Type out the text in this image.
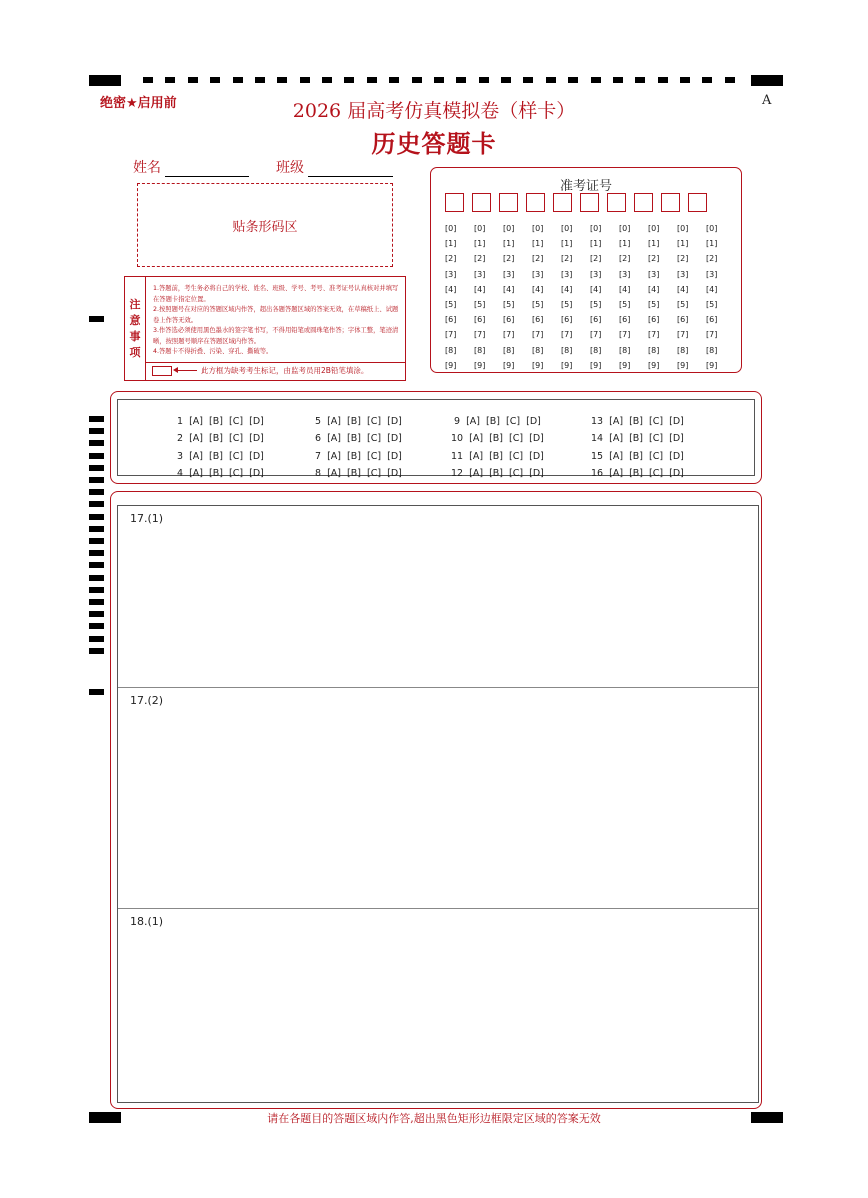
绝密★启用前	A
2026 届高考仿真模拟卷（样卡）
历史答题卡
姓名	班级
贴条形码区
注
意
事
项
1.答题前，考生务必将自己的学校、姓名、班级、学号、考号、准考证号认真核对并填写在答题卡指定位置。
2.按照题号在对应的答题区域内作答，超出各题答题区域的答案无效，在草稿纸上、试题卷上作答无效。
3.作答选必须使用黑色墨水的签字笔书写，不得用铅笔或圆珠笔作答；字体工整，笔迹清晰，按照题号顺序在答题区域内作答。
4.答题卡不得折叠、污染、穿孔、撕破等。
此方框为缺考考生标记，由监考员用2B铅笔填涂。
准考证号
[0]
[1]
[2]
[3]
[4]
[5]
[6]
[7]
[8]
[9]
[0]
[1]
[2]
[3]
[4]
[5]
[6]
[7]
[8]
[9]
[0]
[1]
[2]
[3]
[4]
[5]
[6]
[7]
[8]
[9]
[0]
[1]
[2]
[3]
[4]
[5]
[6]
[7]
[8]
[9]
[0]
[1]
[2]
[3]
[4]
[5]
[6]
[7]
[8]
[9]
[0]
[1]
[2]
[3]
[4]
[5]
[6]
[7]
[8]
[9]
[0]
[1]
[2]
[3]
[4]
[5]
[6]
[7]
[8]
[9]
[0]
[1]
[2]
[3]
[4]
[5]
[6]
[7]
[8]
[9]
[0]
[1]
[2]
[3]
[4]
[5]
[6]
[7]
[8]
[9]
[0]
[1]
[2]
[3]
[4]
[5]
[6]
[7]
[8]
[9]
1  [A]  [B]  [C]  [D]
2  [A]  [B]  [C]  [D]
3  [A]  [B]  [C]  [D]
4  [A]  [B]  [C]  [D]
5  [A]  [B]  [C]  [D]
6  [A]  [B]  [C]  [D]
7  [A]  [B]  [C]  [D]
8  [A]  [B]  [C]  [D]
9  [A]  [B]  [C]  [D]
10  [A]  [B]  [C]  [D]
11  [A]  [B]  [C]  [D]
12  [A]  [B]  [C]  [D]
13  [A]  [B]  [C]  [D]
14  [A]  [B]  [C]  [D]
15  [A]  [B]  [C]  [D]
16  [A]  [B]  [C]  [D]
17.(1)
17.(2)
18.(1)
请在各题目的答题区域内作答,超出黑色矩形边框限定区域的答案无效
